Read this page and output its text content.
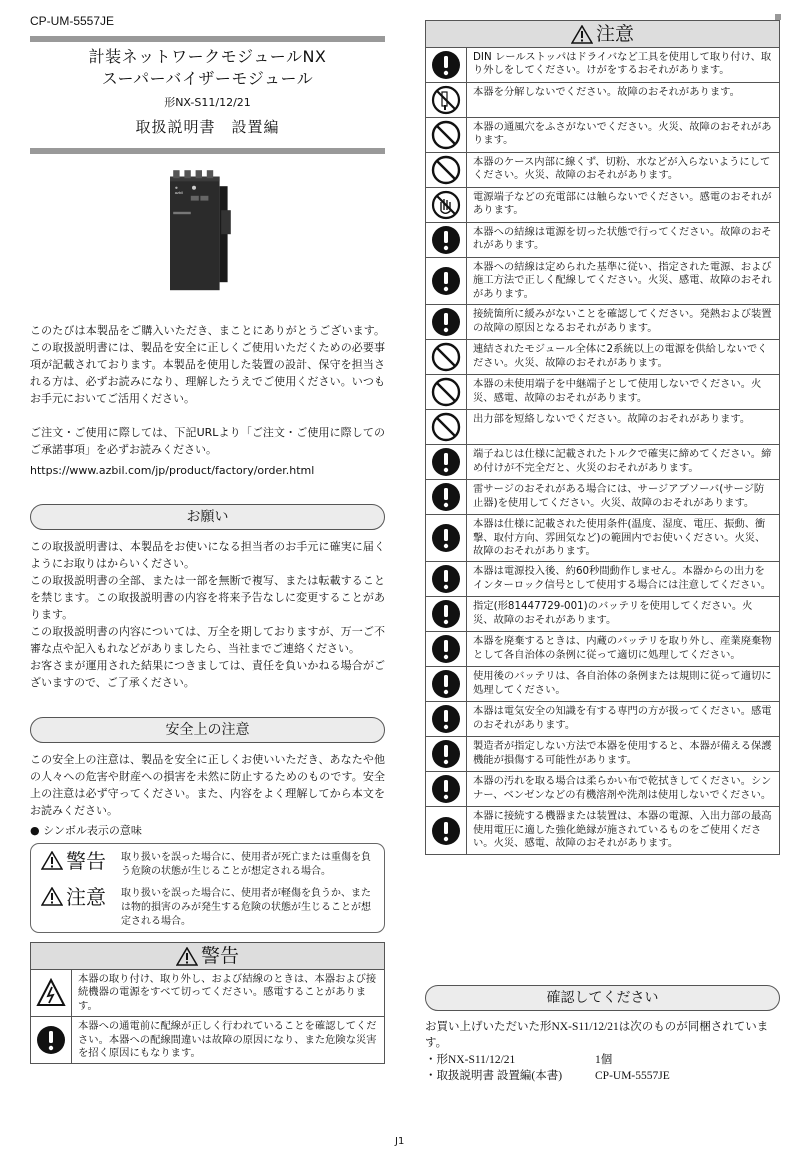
CP-UM-5557JE
計装ネットワークモジュールNX
スーパーバイザーモジュール
形NX-S11/12/21
取扱説明書　設置編
azbil
このたびは本製品をご購入いただき、まことにありがとうございます。この取扱説明書には、製品を安全に正しくご使用いただくための必要事項が記載されております。本製品を使用した装置の設計、保守を担当される方は、必ずお読みになり、理解したうえでご使用ください。いつもお手元においてご活用ください。
ご注文・ご使用に際しては、下記URLより「ご注文・ご使用に際してのご承諾事項」を必ずお読みください。
https://www.azbil.com/jp/product/factory/order.html
お願い
この取扱説明書は、本製品をお使いになる担当者のお手元に確実に届くようにお取りはからいください。
この取扱説明書の全部、または一部を無断で複写、または転載することを禁じます。この取扱説明書の内容を将来予告なしに変更することがあります。
この取扱説明書の内容については、万全を期しておりますが、万一ご不審な点や記入もれなどがありましたら、当社までご連絡ください。
お客さまが運用された結果につきましては、責任を負いかねる場合がございますので、ご了承ください。
安全上の注意
この安全上の注意は、製品を安全に正しくお使いいただき、あなたや他の人々への危害や財産への損害を未然に防止するためのものです。安全上の注意は必ず守ってください。また、内容をよく理解してから本文をお読みください。
● シンボル表示の意味
警告 取り扱いを誤った場合に、使用者が死亡または重傷を負う危険の状態が生じることが想定される場合。
注意 取り扱いを誤った場合に、使用者が軽傷を負うか、または物的損害のみが発生する危険の状態が生じることが想定される場合。
警告
本器の取り付け、取り外し、および結線のときは、本器および接続機器の電源をすべて切ってください。感電することがあります。
本器への通電前に配線が正しく行われていることを確認してください。本器への配線間違いは故障の原因になり、また危険な災害を招く原因にもなります。
注意
DIN レールストッパはドライバなど工具を使用して取り付け、取り外しをしてください。けがをするおそれがあります。
本器を分解しないでください。故障のおそれがあります。
本器の通風穴をふさがないでください。火災、故障のおそれがあります。
本器のケース内部に線くず、切粉、水などが入らないようにしてください。火災、故障のおそれがあります。
電源端子などの充電部には触らないでください。感電のおそれがあります。
本器への結線は電源を切った状態で行ってください。故障のおそれがあります。
本器への結線は定められた基準に従い、指定された電源、および施工方法で正しく配線してください。火災、感電、故障のおそれがあります。
接続箇所に緩みがないことを確認してください。発熱および装置の故障の原因となるおそれがあります。
連結されたモジュール全体に2系統以上の電源を供給しないでください。火災、故障のおそれがあります。
本器の未使用端子を中継端子として使用しないでください。火災、感電、故障のおそれがあります。
出力部を短絡しないでください。故障のおそれがあります。
端子ねじは仕様に記載されたトルクで確実に締めてください。締め付けが不完全だと、火災のおそれがあります。
雷サージのおそれがある場合には、サージアブソーバ(サージ防止器)を使用してください。火災、故障のおそれがあります。
本器は仕様に記載された使用条件(温度、湿度、電圧、振動、衝撃、取付方向、雰囲気など)の範囲内でお使いください。火災、故障のおそれがあります。
本器は電源投入後、約60秒間動作しません。本器からの出力をインターロック信号として使用する場合には注意してください。
指定(形81447729-001)のバッテリを使用してください。火災、故障のおそれがあります。
本器を廃棄するときは、内蔵のバッテリを取り外し、産業廃棄物として各自治体の条例に従って適切に処理してください。
使用後のバッテリは、各自治体の条例または規則に従って適切に処理してください。
本器は電気安全の知識を有する専門の方が扱ってください。感電のおそれがあります。
製造者が指定しない方法で本器を使用すると、本器が備える保護機能が損傷する可能性があります。
本器の汚れを取る場合は柔らかい布で乾拭きしてください。シンナー、ベンゼンなどの有機溶剤や洗剤は使用しないでください。
本器に接続する機器または装置は、本器の電源、入出力部の最高使用電圧に適した強化絶縁が施されているものをご使用ください。火災、感電、故障のおそれがあります。
確認してください
お買い上げいただいた形NX-S11/12/21は次のものが同梱されています。
・形NX-S11/12/21	1個
・取扱説明書 設置編(本書)	CP-UM-5557JE
J1
